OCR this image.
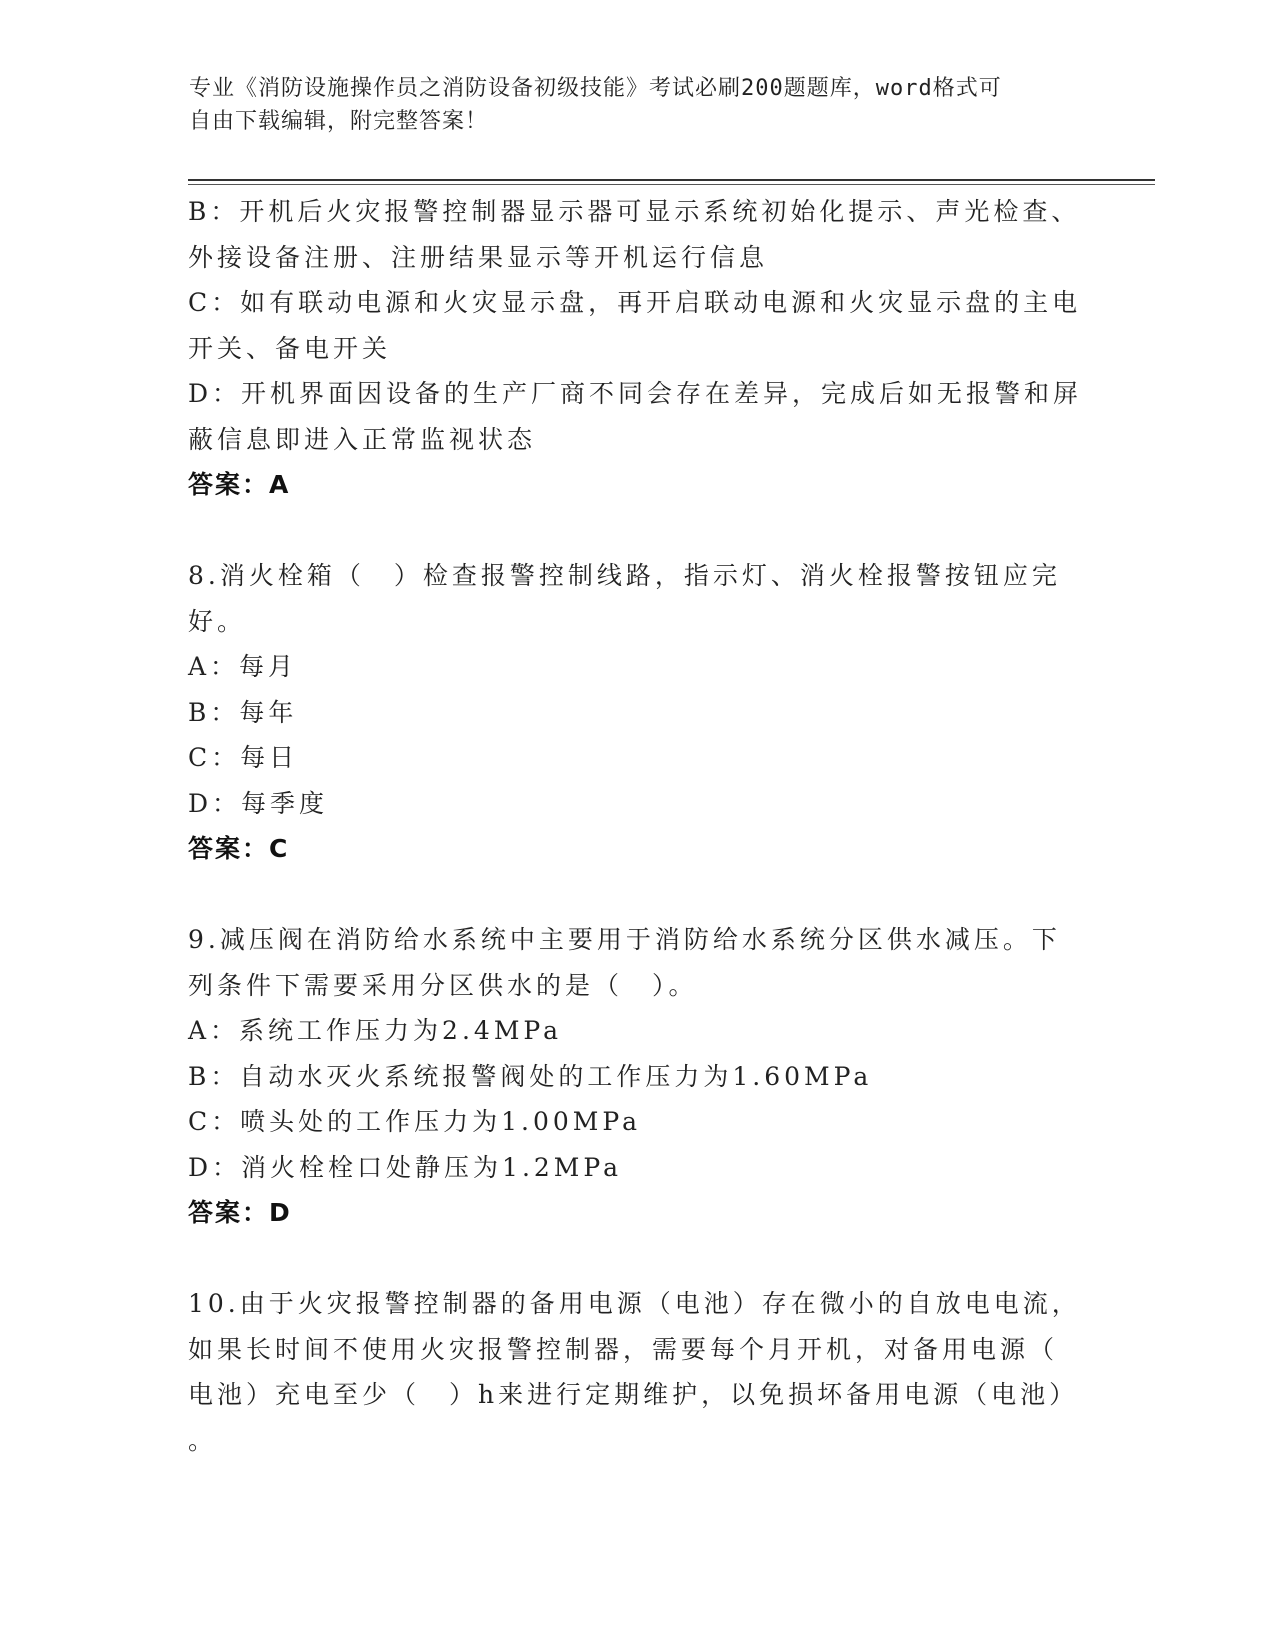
专业《消防设施操作员之消防设备初级技能》考试必刷200题题库，word格式可
自由下载编辑，附完整答案！
B：开机后火灾报警控制器显示器可显示系统初始化提示、声光检查、
外接设备注册、注册结果显示等开机运行信息
C：如有联动电源和火灾显示盘，再开启联动电源和火灾显示盘的主电
开关、备电开关
D：开机界面因设备的生产厂商不同会存在差异，完成后如无报警和屏
蔽信息即进入正常监视状态
答案：A
8.消火栓箱（　）检查报警控制线路，指示灯、消火栓报警按钮应完
好。
A：每月
B：每年
C：每日
D：每季度
答案：C
9.减压阀在消防给水系统中主要用于消防给水系统分区供水减压。下
列条件下需要采用分区供水的是（　）。
A：系统工作压力为2.4MPa
B：自动水灭火系统报警阀处的工作压力为1.60MPa
C：喷头处的工作压力为1.00MPa
D：消火栓栓口处静压为1.2MPa
答案：D
10.由于火灾报警控制器的备用电源（电池）存在微小的自放电电流，
如果长时间不使用火灾报警控制器，需要每个月开机，对备用电源（
电池）充电至少（　）h来进行定期维护，以免损坏备用电源（电池）
。
